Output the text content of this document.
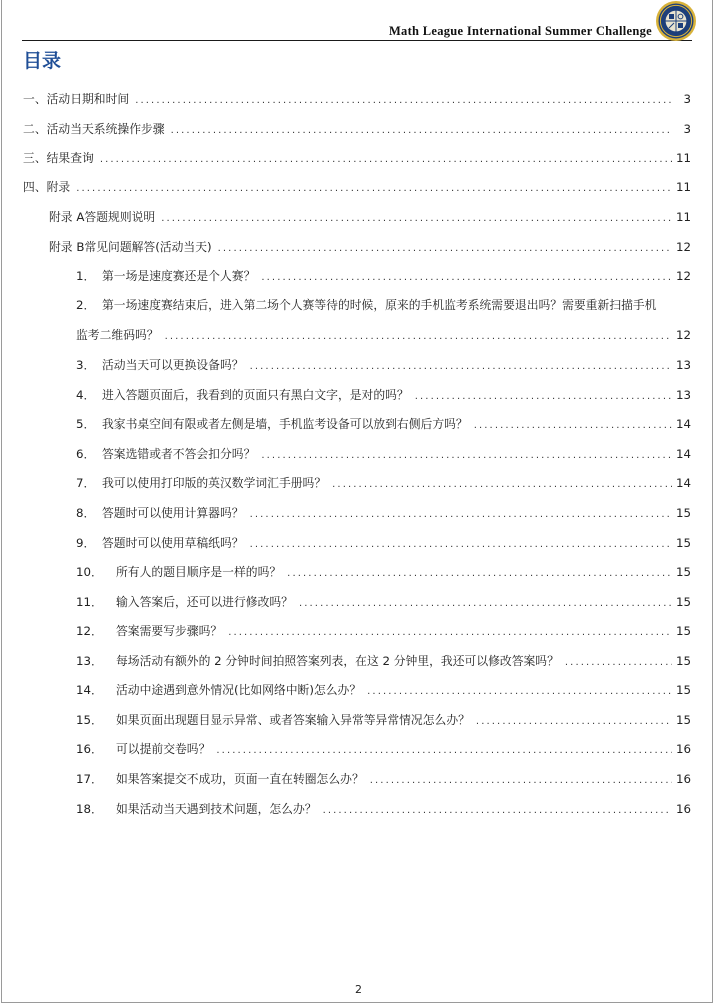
Math League International Summer Challenge
目录
一、 活动日期和时间 .....	3
二、 活动当天系统操作步骤 .....	3
三、 结果查询 .....	11
四、 附录 .....	11
附录 A 答题规则说明 .....	11
附录 B 常见问题解答(活动当天) .....	12
1． 第一场是速度赛还是个人赛？ .....	12
2． 第一场速度赛结束后，进入第二场个人赛等待的时候，原来的手机监考系统需要退出吗？需要重新扫描手机
监考二维码吗？ .....	12
3． 活动当天可以更换设备吗？ .....	13
4． 进入答题页面后，我看到的页面只有黑白文字，是对的吗？ .....	13
5． 我家书桌空间有限或者左侧是墙，手机监考设备可以放到右侧后方吗？ .....	14
6． 答案选错或者不答会扣分吗？ .....	14
7． 我可以使用打印版的英汉数学词汇手册吗？ .....	14
8． 答题时可以使用计算器吗？ .....	15
9． 答题时可以使用草稿纸吗？ .....	15
10．	所有人的题目顺序是一样的吗？ .....	15
11．	输入答案后，还可以进行修改吗？ .....	15
12．	答案需要写步骤吗？ .....	15
13．	每场活动有额外的 2 分钟时间拍照答案列表，在这 2 分钟里，我还可以修改答案吗？ .....	15
14．	活动中途遇到意外情况(比如网络中断)怎么办？ .....	15
15．	如果页面出现题目显示异常、或者答案输入异常等异常情况怎么办？ .....	15
16．	可以提前交卷吗？ .....	16
17．	如果答案提交不成功，页面一直在转圈怎么办？ .....	16
18．	如果活动当天遇到技术问题，怎么办？ .....	16
2
